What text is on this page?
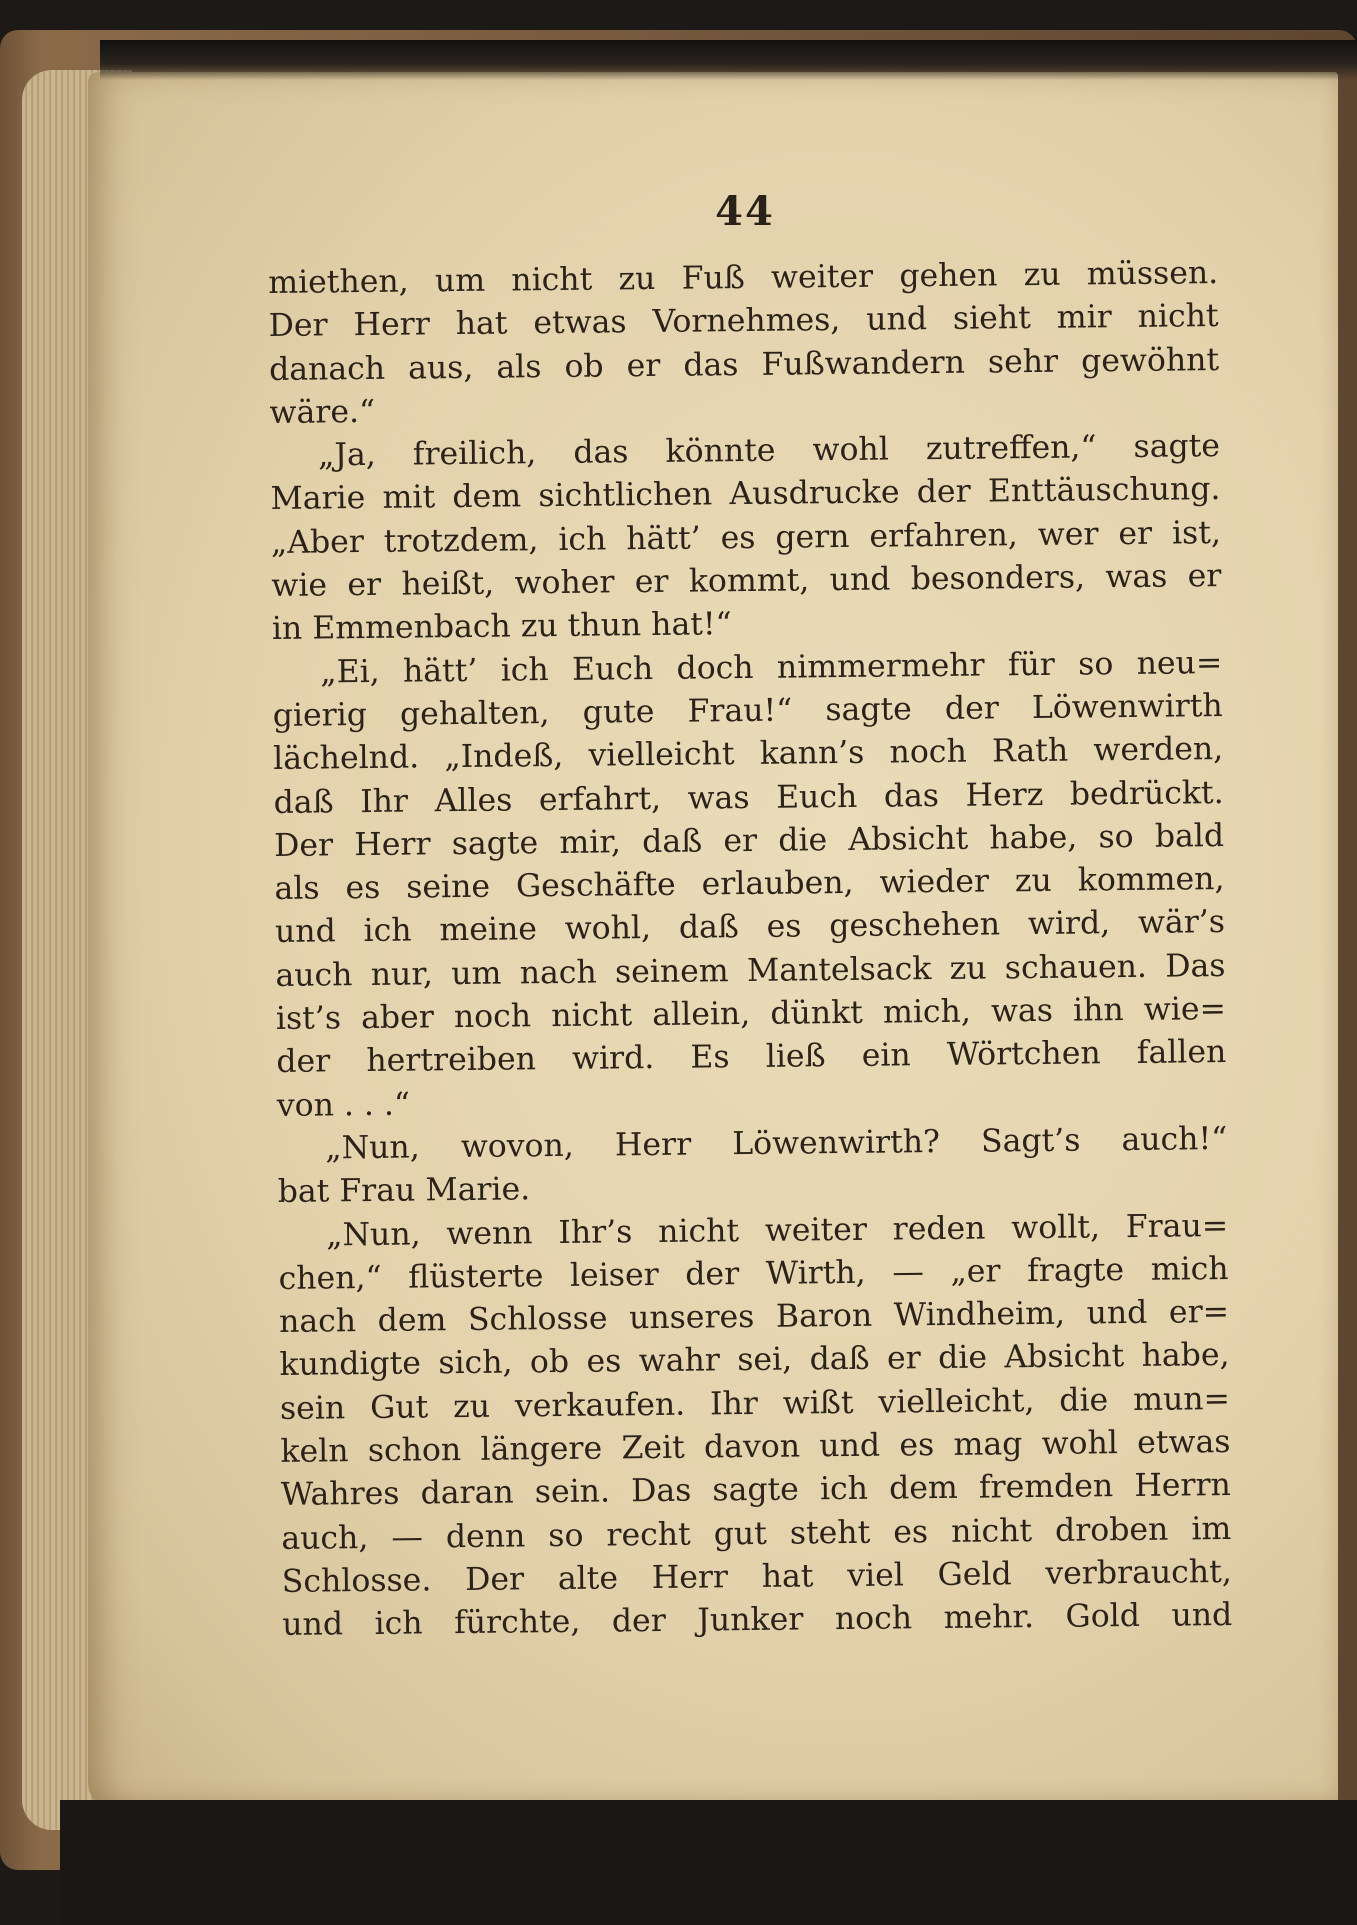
44
miethen, um nicht zu Fuß weiter gehen zu müssen.
Der Herr hat etwas Vornehmes, und sieht mir nicht
danach aus, als ob er das Fußwandern sehr gewöhnt
wäre.“
„Ja, freilich, das könnte wohl zutreffen,“ sagte
Marie mit dem sichtlichen Ausdrucke der Enttäuschung.
„Aber trotzdem, ich hätt’ es gern erfahren, wer er ist,
wie er heißt, woher er kommt, und besonders, was er
in Emmenbach zu thun hat!“
„Ei, hätt’ ich Euch doch nimmermehr für so neu=
gierig gehalten, gute Frau!“ sagte der Löwenwirth
lächelnd. „Indeß, vielleicht kann’s noch Rath werden,
daß Ihr Alles erfahrt, was Euch das Herz bedrückt.
Der Herr sagte mir, daß er die Absicht habe, so bald
als es seine Geschäfte erlauben, wieder zu kommen,
und ich meine wohl, daß es geschehen wird, wär’s
auch nur, um nach seinem Mantelsack zu schauen. Das
ist’s aber noch nicht allein, dünkt mich, was ihn wie=
der hertreiben wird. Es ließ ein Wörtchen fallen
von . . .“
„Nun, wovon, Herr Löwenwirth? Sagt’s auch!“
bat Frau Marie.
„Nun, wenn Ihr’s nicht weiter reden wollt, Frau=
chen,“ flüsterte leiser der Wirth, — „er fragte mich
nach dem Schlosse unseres Baron Windheim, und er=
kundigte sich, ob es wahr sei, daß er die Absicht habe,
sein Gut zu verkaufen. Ihr wißt vielleicht, die mun=
keln schon längere Zeit davon und es mag wohl etwas
Wahres daran sein. Das sagte ich dem fremden Herrn
auch, — denn so recht gut steht es nicht droben im
Schlosse. Der alte Herr hat viel Geld verbraucht,
und ich fürchte, der Junker noch mehr. Gold und
